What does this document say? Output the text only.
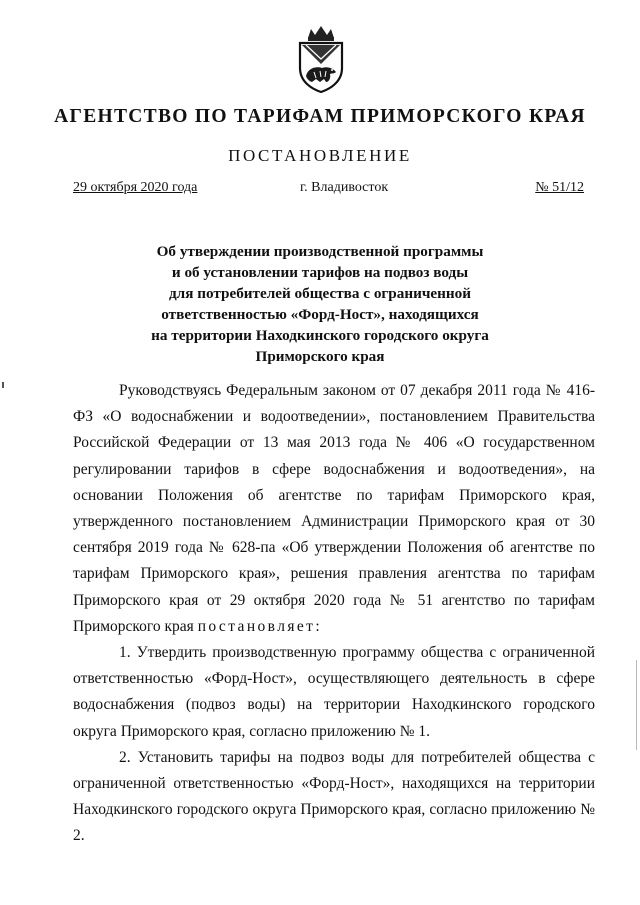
АГЕНТСТВО ПО ТАРИФАМ ПРИМОРСКОГО КРАЯ
ПОСТАНОВЛЕНИЕ
29 октября 2020 года	г. Владивосток	№ 51/12
Об утверждении производственной программы
и об установлении тарифов на подвоз воды
для потребителей общества с ограниченной
ответственностью «Форд-Ност», находящихся
на территории Находкинского городского округа
Приморского края

Руководствуясь Федеральным законом от 07 декабря 2011 года № 416-ФЗ «О водоснабжении и водоотведении», постановлением Правительства Российской Федерации от 13 мая 2013 года № 406 «О государственном регулировании тарифов в сфере водоснабжения и водоотведения», на основании Положения об агентстве по тарифам Приморского края, утвержденного постановлением Администрации Приморского края от 30 сентября 2019 года № 628-па «Об утверждении Положения об агентстве по тарифам Приморского края», решения правления агентства по тарифам Приморского края от 29 октября 2020 года № 51 агентство по тарифам Приморского края постановляет:

1. Утвердить производственную программу общества с ограниченной ответственностью «Форд-Ност», осуществляющего деятельность в сфере водоснабжения (подвоз воды) на территории Находкинского городского округа Приморского края, согласно приложению № 1.

2. Установить тарифы на подвоз воды для потребителей общества с ограниченной ответственностью «Форд-Ност», находящихся на территории Находкинского городского округа Приморского края, согласно приложению № 2.
